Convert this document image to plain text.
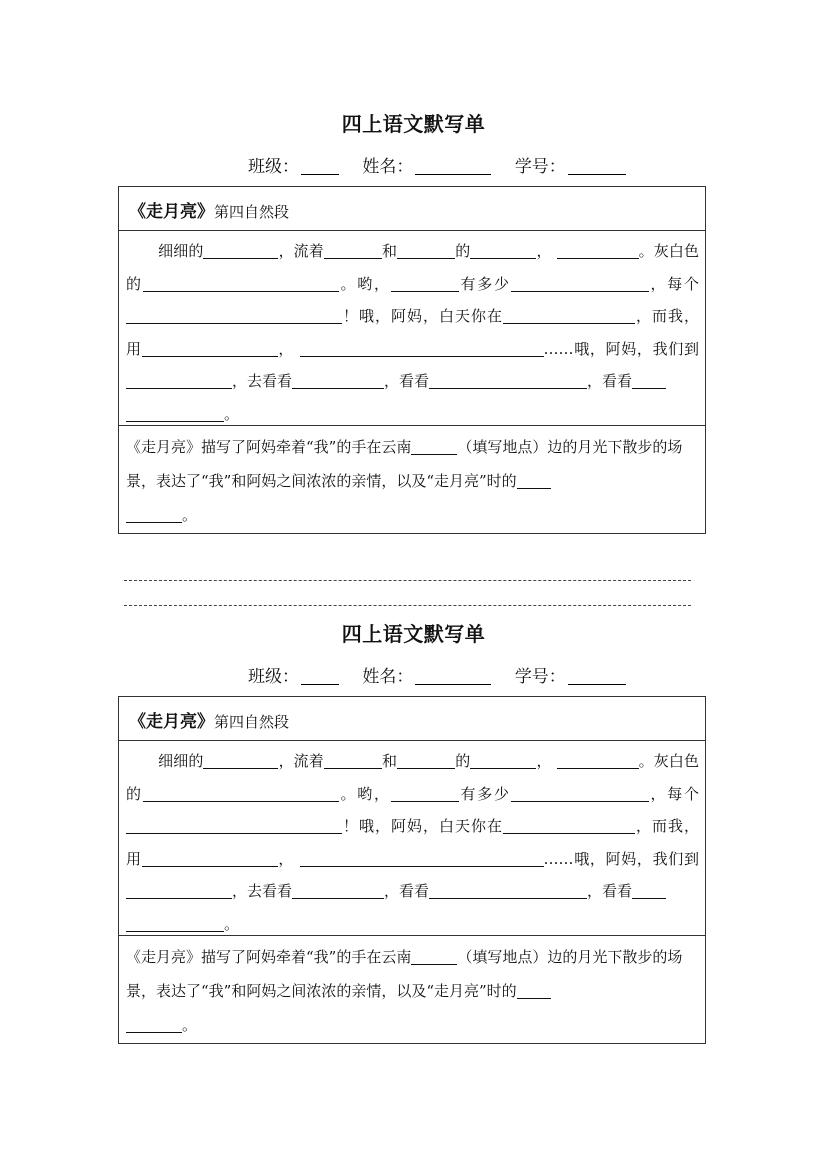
四上语文默写单
班级：	姓名：	学号：
《走月亮》第四自然段
细细的	，流着	和	的	，	。灰白色的	。哟，	有多少	，每个！哦，阿妈，白天你在	，而我，用	，	……哦，阿妈，我们到，去看看	，看看	，看看
。
《走月亮》描写了阿妈牵着“我”的手在云南	（填写地点）边的月光下散步的场景，表达了“我”和阿妈之间浓浓的亲情，以及“走月亮”时的
。
四上语文默写单
班级：	姓名：	学号：
《走月亮》第四自然段
细细的	，流着	和	的	，	。灰白色的	。哟，	有多少	，每个！哦，阿妈，白天你在	，而我，用	，	……哦，阿妈，我们到，去看看	，看看	，看看
。
《走月亮》描写了阿妈牵着“我”的手在云南	（填写地点）边的月光下散步的场景，表达了“我”和阿妈之间浓浓的亲情，以及“走月亮”时的
。
